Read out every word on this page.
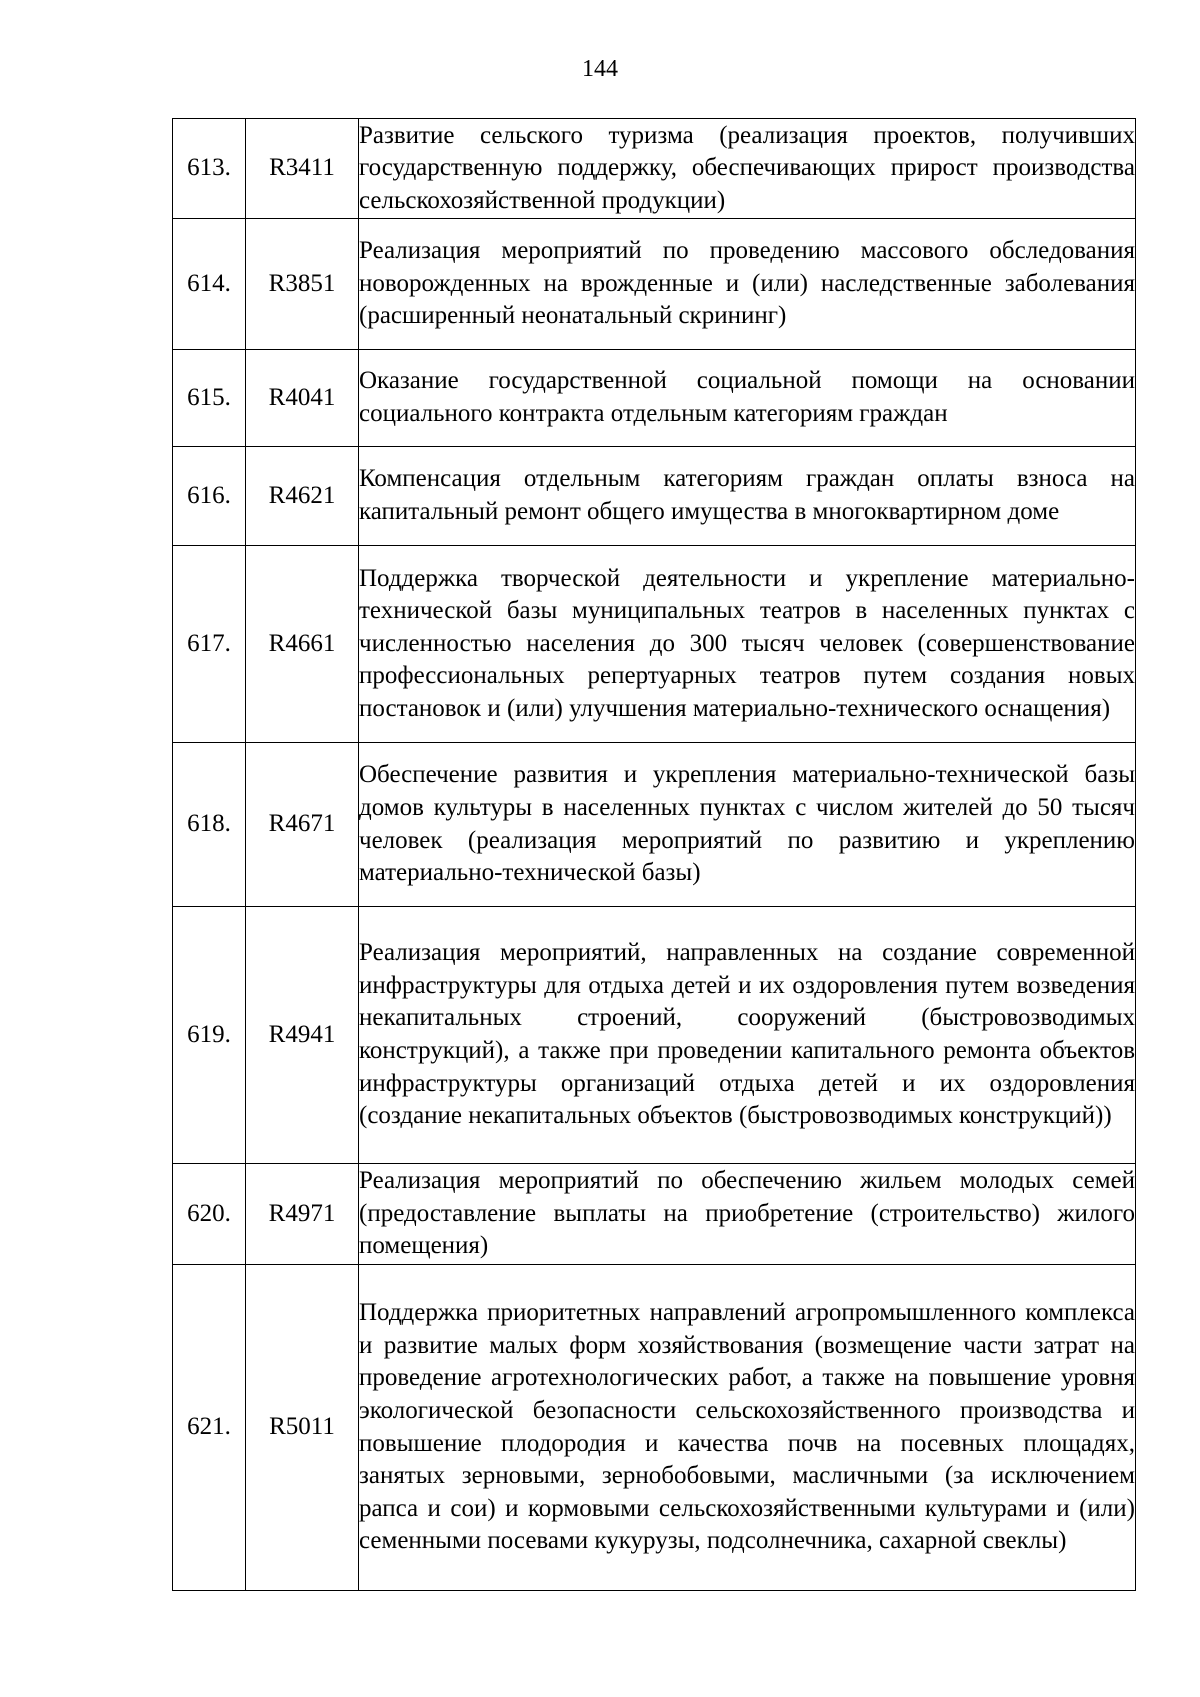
144
613.	R3411	Развитие сельского туризма (реализация проектов, получивших государственную поддержку, обеспечивающих прирост производства сельскохозяйственной продукции)
614.	R3851	Реализация мероприятий по проведению массового обследования новорожденных на врожденные и (или) наследственные заболевания (расширенный неонатальный скрининг)
615.	R4041	Оказание государственной социальной помощи на основании социального контракта отдельным категориям граждан
616.	R4621	Компенсация отдельным категориям граждан оплаты взноса на капитальный ремонт общего имущества в многоквартирном доме
617.	R4661	Поддержка творческой деятельности и укрепление материально-технической базы муниципальных театров в населенных пунктах с численностью населения до 300 тысяч человек (совершенствование профессиональных репертуарных театров путем создания новых постановок и (или) улучшения материально-технического оснащения)
618.	R4671	Обеспечение развития и укрепления материально-технической базы домов культуры в населенных пунктах с числом жителей до 50 тысяч человек (реализация мероприятий по развитию и укреплению материально-технической базы)
619.	R4941	Реализация мероприятий, направленных на создание современной инфраструктуры для отдыха детей и их оздоровления путем возведения некапитальных строений, сооружений (быстровозводимых конструкций), а также при проведении капитального ремонта объектов инфраструктуры организаций отдыха детей и их оздоровления (создание некапитальных объектов (быстровозводимых конструкций))
620.	R4971	Реализация мероприятий по обеспечению жильем молодых семей (предоставление выплаты на приобретение (строительство) жилого помещения)
621.	R5011	Поддержка приоритетных направлений агропромышленного комплекса и развитие малых форм хозяйствования (возмещение части затрат на проведение агротехнологических работ, а также на повышение уровня экологической безопасности сельскохозяйственного производства и повышение плодородия и качества почв на посевных площадях, занятых зерновыми, зернобобовыми, масличными (за исключением рапса и сои) и кормовыми сельскохозяйственными культурами и (или) семенными посевами кукурузы, подсолнечника, сахарной свеклы)
